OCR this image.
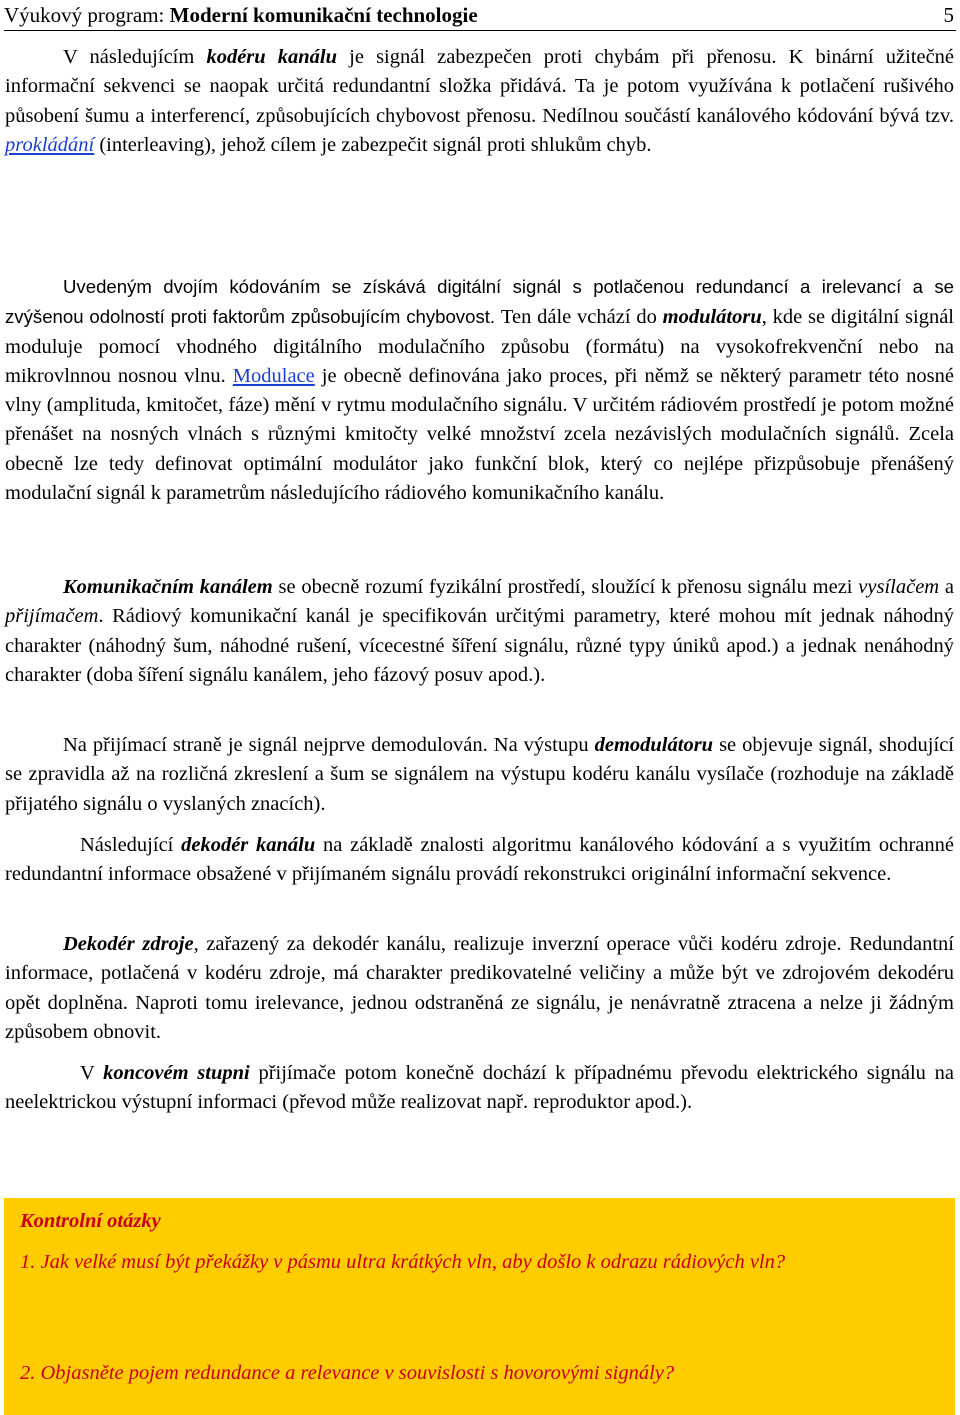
Výukový program: Moderní komunikační technologie	5

V následujícím kodéru kanálu je signál zabezpečen proti chybám při přenosu. K binární užitečné informační sekvenci se naopak určitá redundantní složka přidává. Ta je potom využívána k potlačení rušivého působení šumu a interferencí, způsobujících chybovost přenosu. Nedílnou součástí kanálového kódování bývá tzv. prokládání (interleaving), jehož cílem je zabezpečit signál proti shlukům chyb.

Uvedeným dvojím kódováním se získává digitální signál s potlačenou redundancí a irelevancí a se zvýšenou odolností proti faktorům způsobujícím chybovost. Ten dále vchází do modulátoru, kde se digitální signál moduluje pomocí vhodného digitálního modulačního způsobu (formátu) na vysokofrekvenční nebo na mikrovlnnou nosnou vlnu. Modulace je obecně definována jako proces, při němž se některý parametr této nosné vlny (amplituda, kmitočet, fáze) mění v rytmu modulačního signálu. V určitém rádiovém prostředí je potom možné přenášet na nosných vlnách s různými kmitočty velké množství zcela nezávislých modulačních signálů. Zcela obecně lze tedy definovat optimální modulátor jako funkční blok, který co nejlépe přizpůsobuje přenášený modulační signál k parametrům následujícího rádiového komunikačního kanálu.

Komunikačním kanálem se obecně rozumí fyzikální prostředí, sloužící k přenosu signálu mezi vysílačem a přijímačem. Rádiový komunikační kanál je specifikován určitými parametry, které mohou mít jednak náhodný charakter (náhodný šum, náhodné rušení, vícecestné šíření signálu, různé typy úniků apod.) a jednak nenáhodný charakter (doba šíření signálu kanálem, jeho fázový posuv apod.).

Na přijímací straně je signál nejprve demodulován. Na výstupu demodulátoru se objevuje signál, shodující se zpravidla až na rozličná zkreslení a šum se signálem na výstupu kodéru kanálu vysílače (rozhoduje na základě přijatého signálu o vyslaných znacích).

Následující dekodér kanálu na základě znalosti algoritmu kanálového kódování a s využitím ochranné redundantní informace obsažené v přijímaném signálu provádí rekonstrukci originální informační sekvence.

Dekodér zdroje, zařazený za dekodér kanálu, realizuje inverzní operace vůči kodéru zdroje. Redundantní informace, potlačená v kodéru zdroje, má charakter predikovatelné veličiny a může být ve zdrojovém dekodéru opět doplněna. Naproti tomu irelevance, jednou odstraněná ze signálu, je nenávratně ztracena a nelze ji žádným způsobem obnovit.

V koncovém stupni přijímače potom konečně dochází k případnému převodu elektrického signálu na neelektrickou výstupní informaci (převod může realizovat např. reproduktor apod.).

Kontrolní otázky

1. Jak velké musí být překážky v pásmu ultra krátkých vln, aby došlo k odrazu rádiových vln?

2. Objasněte pojem redundance a relevance v souvislosti s hovorovými signály?
